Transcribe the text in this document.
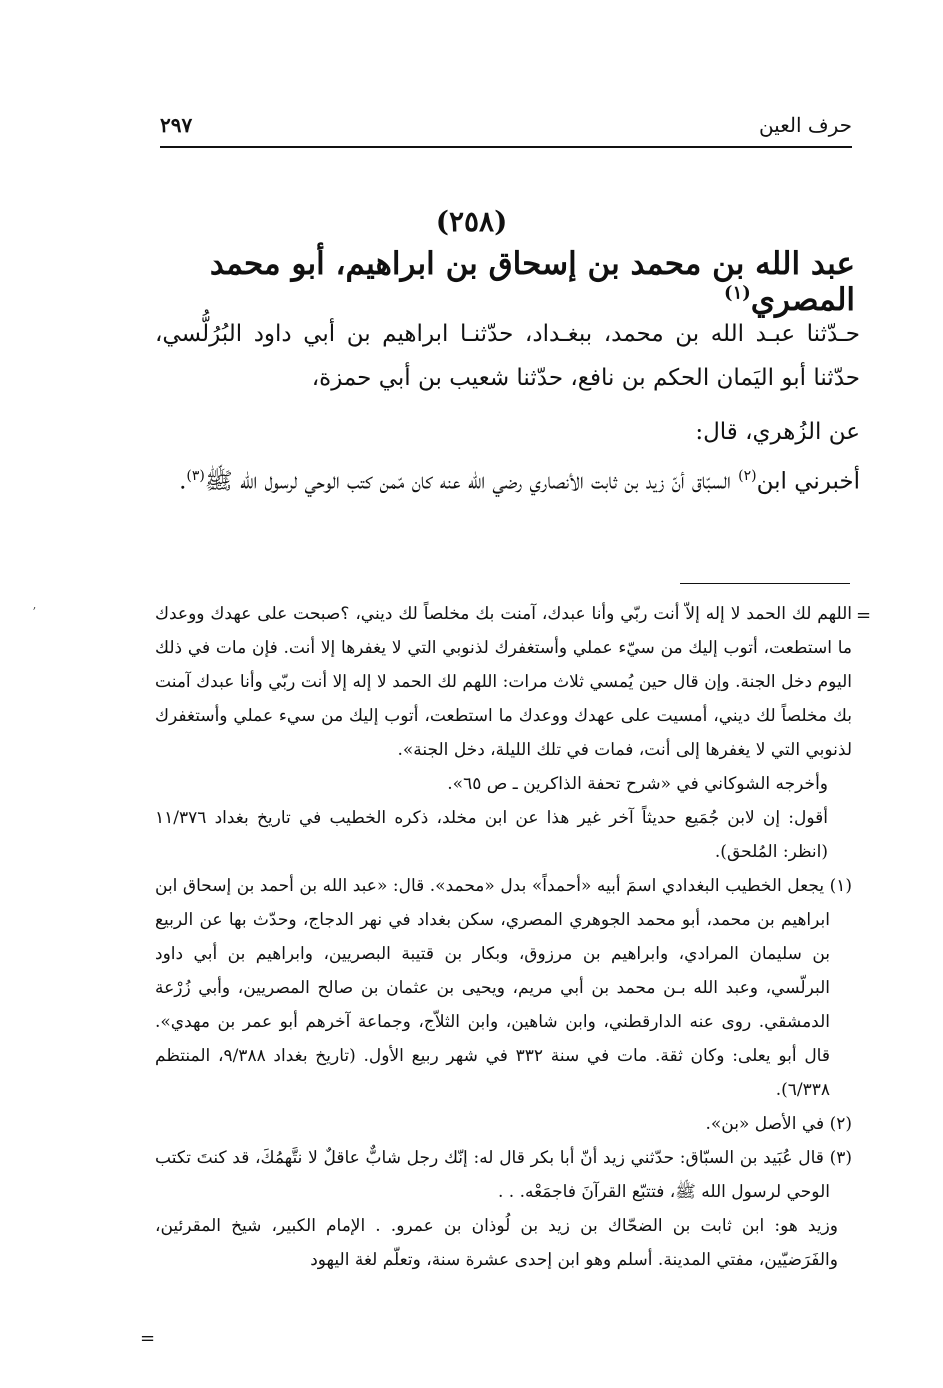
حرف العين
٢٩٧
(٢٥٨)
عبد الله بن محمد بن إسحاق بن ابراهيم، أبو محمد المصري$^{(١)}$

حـدّثنا عبـد الله بن محمد، ببغـداد، حدّثنـا ابراهيم بن أبي داود البُرُلُّسي، حدّثنا أبو اليَمان الحكم بن نافع، حدّثنا شعيب بن أبي حمزة،

عن الزُهري، قال:

أخبرني ابن$^{(٢)}$ السبّاق أنّ زيد بن ثابت الأنصاري رضي الله عنه كان مّمن كتب الوحي لرسول الله ﷺ$^{(٣)}$.

=
ʼ	اللهم لك الحمد لا إله إلاّ أنت ربّي وأنا عبدك، آمنت بك مخلصاً لك ديني، ؟صبحت على عهدك ووعدك ما استطعت، أتوب إليك من سيّء عملي وأستغفرك لذنوبي التي لا يغفرها إلا أنت. فإن مات في ذلك اليوم دخل الجنة. وإن قال حين يُمسي ثلاث مرات: اللهم لك الحمد لا إله إلا أنت ربّي وأنا عبدك آمنت بك مخلصاً لك ديني، أمسيت على عهدك ووعدك ما استطعت، أتوب إليك من سيء عملي وأستغفرك لذنوبي التي لا يغفرها إلى أنت، فمات في تلك الليلة، دخل الجنة».

وأخرجه الشوكاني في «شرح تحفة الذاكرين ـ ص ٦٥».

أقول: إن لابن جُمَيع حديثاً آخر غير هذا عن ابن مخلد، ذكره الخطيب في تاريخ بغداد ١١/٣٧٦ (انظر: المُلحق).

(١) يجعل الخطيب البغدادي اسمَ أبيه «أحمداً» بدل «محمد». قال: «عبد الله بن أحمد بن إسحاق ابن ابراهيم بن محمد، أبو محمد الجوهري المصري، سكن بغداد في نهر الدجاج، وحدّث بها عن الربيع بن سليمان المرادي، وابراهيم بن مرزوق، وبكار بن قتيبة البصريين، وابراهيم بن أبي داود البرلّسي، وعبد الله بـن محمد بن أبي مريم، ويحيى بن عثمان بن صالح المصريين، وأبي زُرْعة الدمشقي. روى عنه الدارقطني، وابن شاهين، وابن الثلاّج، وجماعة آخرهم أبو عمر بن مهدي». قال أبو يعلى: وكان ثقة. مات في سنة ٣٣٢ في شهر ربيع الأول. (تاريخ بغداد ٩/٣٨٨، المنتظم ٦/٣٣٨).

(٢) في الأصل «بن».

(٣) قال عُبَيد بن السبّاق: حدّثني زيد أنّ أبا بكر قال له: إنّك رجل شابٌّ عاقلٌ لا نتَّهمُكَ، قد كنتَ تكتب الوحي لرسول الله ﷺ، فتتبّع القرآنَ فاجمَعْه. . .

وزيد هو: ابن ثابت بن الضحّاك بن زيد بن لُوذان بن عمرو. . الإمام الكبير، شيخ المقرئين، والفَرَضيّين، مفتي المدينة. أسلم وهو ابن إحدى عشرة سنة، وتعلّم لغة اليهود

=
